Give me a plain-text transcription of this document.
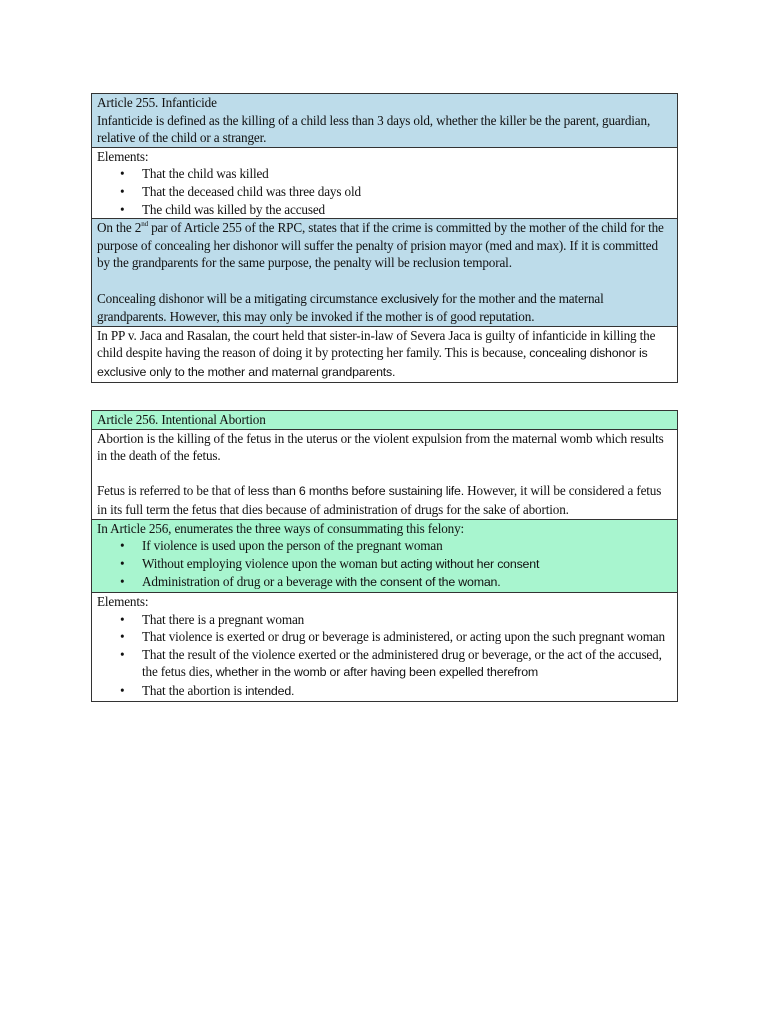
Article 255. Infanticide
Infanticide is defined as the killing of a child less than 3 days old, whether the killer be the parent, guardian, relative of the child or a stranger.

Elements:
• That the child was killed
• That the deceased child was three days old
• The child was killed by the accused

On the 2nd par of Article 255 of the RPC, states that if the crime is committed by the mother of the child for the purpose of concealing her dishonor will suffer the penalty of prision mayor (med and max). If it is committed by the grandparents for the same purpose, the penalty will be reclusion temporal.
Concealing dishonor will be a mitigating circumstance exclusively for the mother and the maternal grandparents. However, this may only be invoked if the mother is of good reputation.

In PP v. Jaca and Rasalan, the court held that sister-in-law of Severa Jaca is guilty of infanticide in killing the child despite having the reason of doing it by protecting her family. This is because, concealing dishonor is exclusive only to the mother and maternal grandparents.
Article 256. Intentional Abortion

Abortion is the killing of the fetus in the uterus or the violent expulsion from the maternal womb which results in the death of the fetus.
Fetus is referred to be that of less than 6 months before sustaining life. However, it will be considered a fetus in its full term the fetus that dies because of administration of drugs for the sake of abortion.

In Article 256, enumerates the three ways of consummating this felony:
• If violence is used upon the person of the pregnant woman
• Without employing violence upon the woman but acting without her consent
• Administration of drug or a beverage with the consent of the woman.

Elements:
• That there is a pregnant woman
• That violence is exerted or drug or beverage is administered, or acting upon the such pregnant woman
• That the result of the violence exerted or the administered drug or beverage, or the act of the accused, the fetus dies, whether in the womb or after having been expelled therefrom
• That the abortion is intended.
